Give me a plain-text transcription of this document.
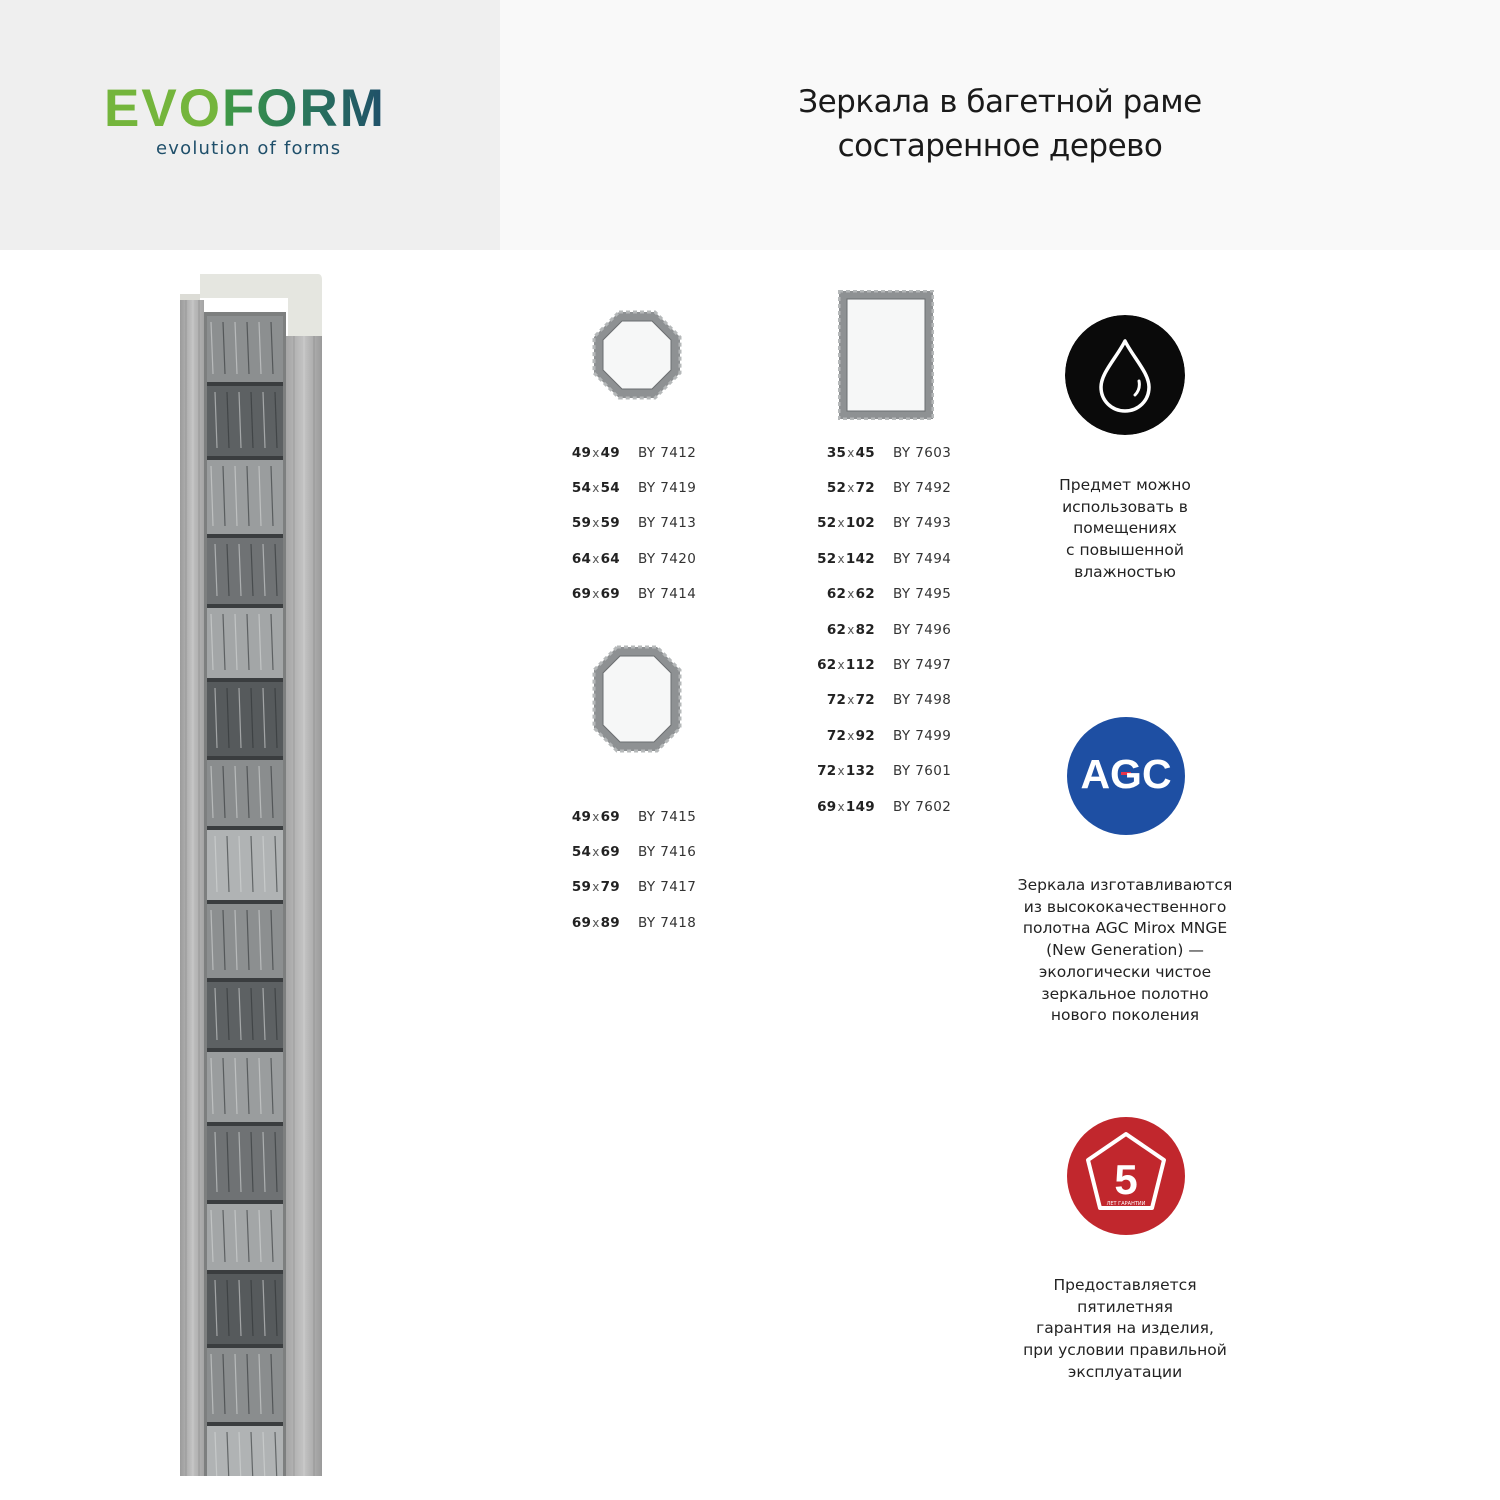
EVOFORM
evolution of forms
Зеркала в багетной раме
состаренное дерево
49x49 BY 7412
54x54 BY 7419
59x59 BY 7413
64x64 BY 7420
69x69 BY 7414
49x69 BY 7415
54x69 BY 7416
59x79 BY 7417
69x89 BY 7418
35x45 BY 7603
52x72 BY 7492
52x102 BY 7493
52x142 BY 7494
62x62 BY 7495
62x82 BY 7496
62x112 BY 7497
72x72 BY 7498
72x92 BY 7499
72x132 BY 7601
69x149 BY 7602
Предмет можно
использовать в
помещениях
с повышенной
влажностью
AGC
Зеркала изготавливаются
из высококачественного
полотна AGC Mirox MNGE
(New Generation) —
экологически чистое
зеркальное полотно
нового поколения
5
ЛЕТ ГАРАНТИИ
Предоставляется
пятилетняя
гарантия на изделия,
при условии правильной
эксплуатации
